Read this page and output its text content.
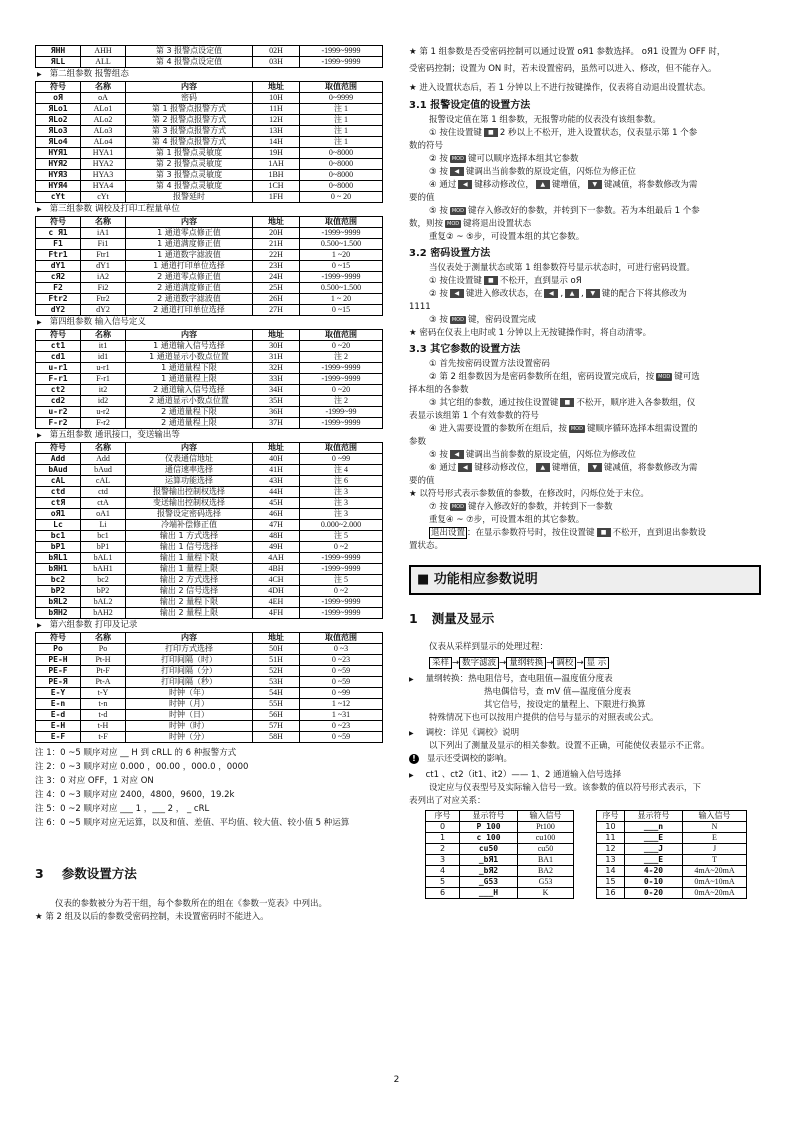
ЯHH	AHH	第 3 报警点设定值	02H	-1999~9999
ЯLL	ALL	第 4 报警点设定值	03H	-1999~9999
▶ 第二组参数 报警组态
符号	名称	内容	地址	取值范围
oЯ	oA	密码	10H	0~9999
ЯLo1	ALo1	第 1 报警点报警方式	11H	注 1
ЯLo2	ALo2	第 2 报警点报警方式	12H	注 1
ЯLo3	ALo3	第 3 报警点报警方式	13H	注 1
ЯLo4	ALo4	第 4 报警点报警方式	14H	注 1
HYЯ1	HYA1	第 1 报警点灵敏度	19H	0~8000
HYЯ2	HYA2	第 2 报警点灵敏度	1AH	0~8000
HYЯ3	HYA3	第 3 报警点灵敏度	1BH	0~8000
HYЯ4	HYA4	第 4 报警点灵敏度	1CH	0~8000
cYt	cYt	报警延时	1FH	0 ~ 20
▶ 第三组参数 调校及打印工程量单位
符号	名称	内容	地址	取值范围
c Я1	iA1	1 通道零点修正值	20H	-1999~9999
F1	Fi1	1 通道满度修正值	21H	0.500~1.500
Ftr1	Ftr1	1 通道数字滤波值	22H	1 ~20
dY1	dY1	1 通道打印单位选择	23H	0 ~15
cЯ2	iA2	2 通道零点修正值	24H	-1999~9999
F2	Fi2	2 通道满度修正值	25H	0.500~1.500
Ftr2	Ftr2	2 通道数字滤波值	26H	1 ~ 20
dY2	dY2	2 通道打印单位选择	27H	0 ~15
▶ 第四组参数 输入信号定义
符号	名称	内容	地址	取值范围
ct1	it1	1 通道输入信号选择	30H	0 ~20
cd1	id1	1 通道显示小数点位置	31H	注 2
u-r1	u-r1	1 通道量程下限	32H	-1999~9999
F-r1	F-r1	1 通道量程上限	33H	-1999~9999
ct2	it2	2 通道输入信号选择	34H	0 ~20
cd2	id2	2 通道显示小数点位置	35H	注 2
u-r2	u-r2	2 通道量程下限	36H	-1999~99
F-r2	F-r2	2 通道量程上限	37H	-1999~9999
▶ 第五组参数 通讯接口，变送输出等
符号	名称	内容	地址	取值范围
Add	Add	仪表通信地址	40H	0 ~99
bAud	bAud	通信速率选择	41H	注 4
cAL	cAL	运算功能选择	43H	注 6
ctd	ctd	报警输出控制权选择	44H	注 3
ctЯ	ctA	变送输出控制权选择	45H	注 3
oЯ1	oA1	报警设定密码选择	46H	注 3
Lc	Li	冷端补偿修正值	47H	0.000~2.000
bc1	bc1	输出 1 方式选择	48H	注 5
bP1	bP1	输出 1 信号选择	49H	0 ~2
bЯL1	bAL1	输出 1 量程下限	4AH	-1999~9999
bЯH1	bAH1	输出 1 量程上限	4BH	-1999~9999
bc2	bc2	输出 2 方式选择	4CH	注 5
bP2	bP2	输出 2 信号选择	4DH	0 ~2
bЯL2	bAL2	输出 2 量程下限	4EH	-1999~9999
bЯH2	bAH2	输出 2 量程上限	4FH	-1999~9999
▶ 第六组参数 打印及记录
符号	名称	内容	地址	取值范围
Po	Po	打印方式选择	50H	0 ~3
PE-H	Pt-H	打印间隔（时）	51H	0 ~23
PE-F	Pt-F	打印间隔（分）	52H	0 ~59
PE-Я	Pt-A	打印间隔（秒）	53H	0 ~59
E-Y	t-Y	时钟（年）	54H	0 ~99
E-n	t-n	时钟（月）	55H	1 ~12
E-d	t-d	时钟（日）	56H	1 ~31
E-H	t-H	时钟（时）	57H	0 ~23
E-F	t-F	时钟（分）	58H	0 ~59
注 1：0 ~5 顺序对应 __ H 到 cRLL 的 6 种报警方式
注 2：0 ~3 顺序对应 0.000 ，00.00 ，000.0 ，0000
注 3：0 对应 OFF，1 对应 ON
注 4：0 ~3 顺序对应 2400，4800，9600，19.2k
注 5：0 ~2 顺序对应 ___ 1 ，___ 2 ， _ cRL
注 6：0 ~5 顺序对应无运算，以及和值、差值、平均值、较大值、较小值 5 种运算
3 参数设置方法
仪表的参数被分为若干组，每个参数所在的组在《参数一览表》中列出。
★ 第 2 组及以后的参数受密码控制，未设置密码时不能进入。
★ 第 1 组参数是否受密码控制可以通过设置 oЯ1 参数选择。 oЯ1 设置为 OFF 时，
受密码控制；设置为 ON 时，若未设置密码，虽然可以进入、修改，但不能存入。
★ 进入设置状态后，若 1 分钟以上不进行按键操作，仪表将自动退出设置状态。
3.1 报警设定值的设置方法
报警设定值在第 1 组参数，无报警功能的仪表没有该组参数。
① 按住设置键 ■ 2 秒以上不松开，进入设置状态，仪表显示第 1 个参
数的符号
② 按 MOD 键可以顺序选择本组其它参数
③ 按 ◀ 键调出当前参数的原设定值，闪烁位为修正位
④ 通过 ◀ 键移动修改位， ▲ 键增值， ▼ 键减值，将参数修改为需
要的值
⑤ 按 MOD 键存入修改好的参数，并转到下一参数。若为本组最后 1 个参
数，则按 MOD 键将退出设置状态
重复② ~ ⑤步，可设置本组的其它参数。
3.2 密码设置方法
当仪表处于测量状态或第 1 组参数符号显示状态时，可进行密码设置。
① 按住设置键 ■ 不松开，直到显示 oЯ
② 按 ◀ 键进入修改状态，在 ◀ , ▲ , ▼ 键的配合下将其修改为
1111
③ 按 MOD 键，密码设置完成
★ 密码在仪表上电时或 1 分钟以上无按键操作时，将自动清零。
3.3 其它参数的设置方法
① 首先按密码设置方法设置密码
② 第 2 组参数因为是密码参数所在组，密码设置完成后，按 MOD 键可选
择本组的各参数
③ 其它组的参数，通过按住设置键 ■ 不松开，顺序进入各参数组，仪
表显示该组第 1 个有效参数的符号
④ 进入需要设置的参数所在组后，按 MOD 键顺序循环选择本组需设置的
参数
⑤ 按 ◀ 键调出当前参数的原设定值，闪烁位为修改位
⑥ 通过 ◀ 键移动修改位， ▲ 键增值， ▼ 键减值，将参数修改为需
要的值
★ 以符号形式表示参数值的参数，在修改时，闪烁位处于末位。
⑦ 按 MOD 键存入修改好的参数，并转到下一参数
重复④ ~ ⑦步，可设置本组的其它参数。
退出设置 ：在显示参数符号时，按住设置键 ■ 不松开，直到退出参数设
置状态。
■ 功能相应参数说明
1 测量及显示
仪表从采样到显示的处理过程：
采样 → 数字滤波 → 量纲转换 → 调校 → 显 示
▶ 量纲转换：热电阻信号，查电阻值—温度值分度表
热电偶信号，查 mV 值—温度值分度表
其它信号，按设定的量程上、下限进行换算
特殊情况下也可以按用户提供的信号与显示的对照表或公式。
▶ 调校：详见《调校》说明
以下列出了测量及显示的相关参数。设置不正确，可能使仪表显示不正常。
! 显示还受调校的影响。
▶ ct1 、ct2（it1、it2）—— 1、2 通道输入信号选择
设定应与仪表型号及实际输入信号一致。该参数的值以符号形式表示，下
表列出了对应关系：
序号	显示符号	输入信号
0	P 100	Pt100
1	c 100	cu100
2	cu50	cu50
3	_bЯ1	BA1
4	_bЯ2	BA2
5	_G53	G53
6	___H	K
序号	显示符号	输入信号
10	___n	N
11	___E	E
12	___J	J
13	___E	T
14	4-20	4mA~20mA
15	0-10	0mA~10mA
16	0-20	0mA~20mA
2
